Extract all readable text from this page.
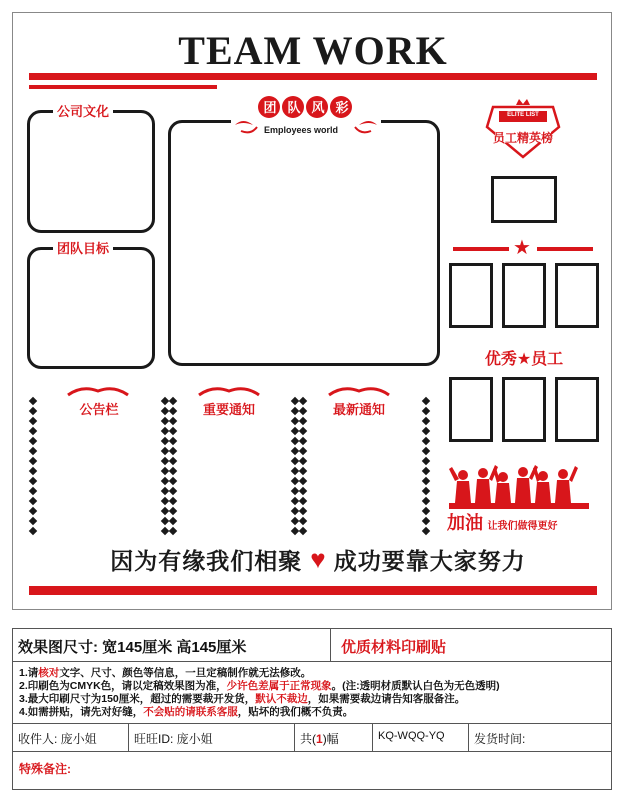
TEAM WORK
公司文化
团队目标
团 队 风 彩
Employees world
ELITE LIST
员工精英榜
★
优秀★员工
加油 让我们做得更好
公告栏	重要通知	最新通知
因为有缘我们相聚 ♥ 成功要靠大家努力
效果图尺寸: 宽145厘米 高145厘米	优质材料印刷贴
1.请核对文字、尺寸、颜色等信息，一旦定稿制作就无法修改。
2.印刷色为CMYK色，请以定稿效果图为准，少许色差属于正常现象。(注:透明材质默认白色为无色透明)
3.最大印刷尺寸为150厘米，超过的需要裁开发货，默认不裁边，如果需要裁边请告知客服备注。
4.如需拼贴，请先对好缝，不会贴的请联系客服，贴坏的我们概不负责。
收件人: 庞小姐	旺旺ID: 庞小姐	共(1)幅	KQ-WQQ-YQ	发货时间:
特殊备注:
